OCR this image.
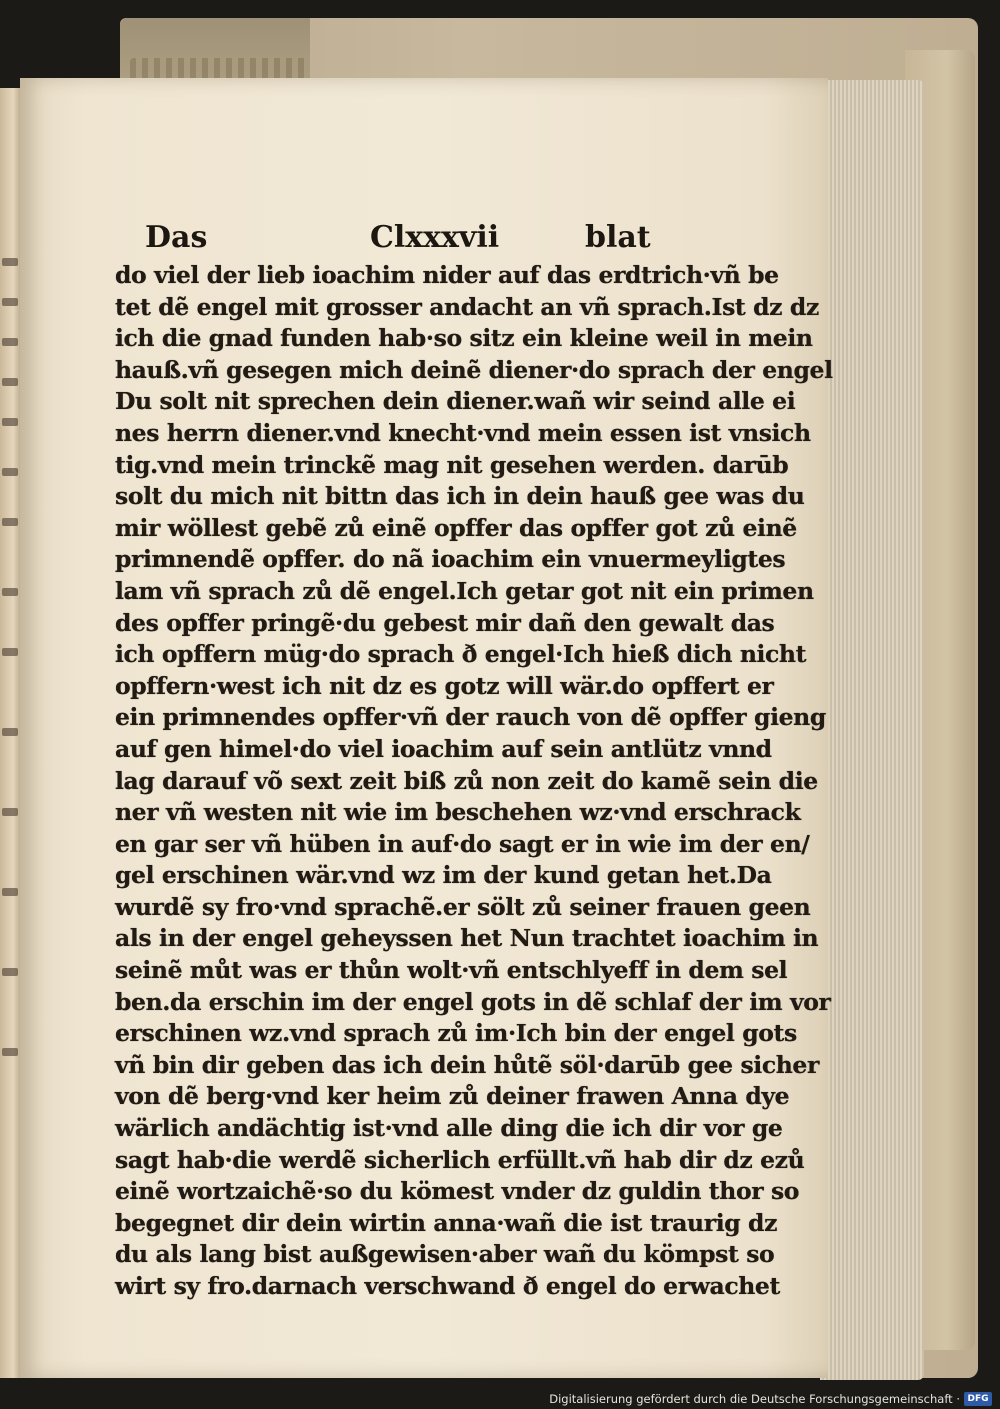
Das	Clxxxvii	blat
do viel der lieb ioachim nider auf das erdtrich·vñ be
tet dẽ engel mit grosser andacht an vñ sprach.Ist dz dz
ich die gnad funden hab·so sitz ein kleine weil in mein
hauß.vñ gesegen mich deinẽ diener·do sprach der engel
Du solt nit sprechen dein diener.wañ wir seind alle ei
nes herrn diener.vnd knecht·vnd mein essen ist vnsich
tig.vnd mein trinckẽ mag nit gesehen werden. darūb
solt du mich nit bittn das ich in dein hauß gee was du
mir wöllest gebẽ zů einẽ opffer das opffer got zů einẽ
primnendẽ opffer. do nã ioachim ein vnuermeyligtes
lam vñ sprach zů dẽ engel.Ich getar got nit ein primen
des opffer pringẽ·du gebest mir dañ den gewalt das
ich opffern müg·do sprach ð engel·Ich hieß dich nicht
opffern·west ich nit dz es gotz will wär.do opffert er
ein primnendes opffer·vñ der rauch von dẽ opffer gieng
auf gen himel·do viel ioachim auf sein antlütz vnnd
lag darauf võ sext zeit biß zů non zeit do kamẽ sein die
ner vñ westen nit wie im beschehen wz·vnd erschrack
en gar ser vñ hüben in auf·do sagt er in wie im der en/
gel erschinen wär.vnd wz im der kund getan het.Da
wurdẽ sy fro·vnd sprachẽ.er sölt zů seiner frauen geen
als in der engel geheyssen het Nun trachtet ioachim in
seinẽ můt was er thůn wolt·vñ entschlyeff in dem sel
ben.da erschin im der engel gots in dẽ schlaf der im vor
erschinen wz.vnd sprach zů im·Ich bin der engel gots
vñ bin dir geben das ich dein hůtẽ söl·darūb gee sicher
von dẽ berg·vnd ker heim zů deiner frawen Anna dye
wärlich andächtig ist·vnd alle ding die ich dir vor ge
sagt hab·die werdẽ sicherlich erfüllt.vñ hab dir dz ezů
einẽ wortzaichẽ·so du kömest vnder dz guldin thor so
begegnet dir dein wirtin anna·wañ die ist traurig dz
du als lang bist außgewisen·aber wañ du kömpst so
wirt sy fro.darnach verschwand ð engel do erwachet
Digitalisierung gefördert durch die Deutsche Forschungsgemeinschaft · DFG
